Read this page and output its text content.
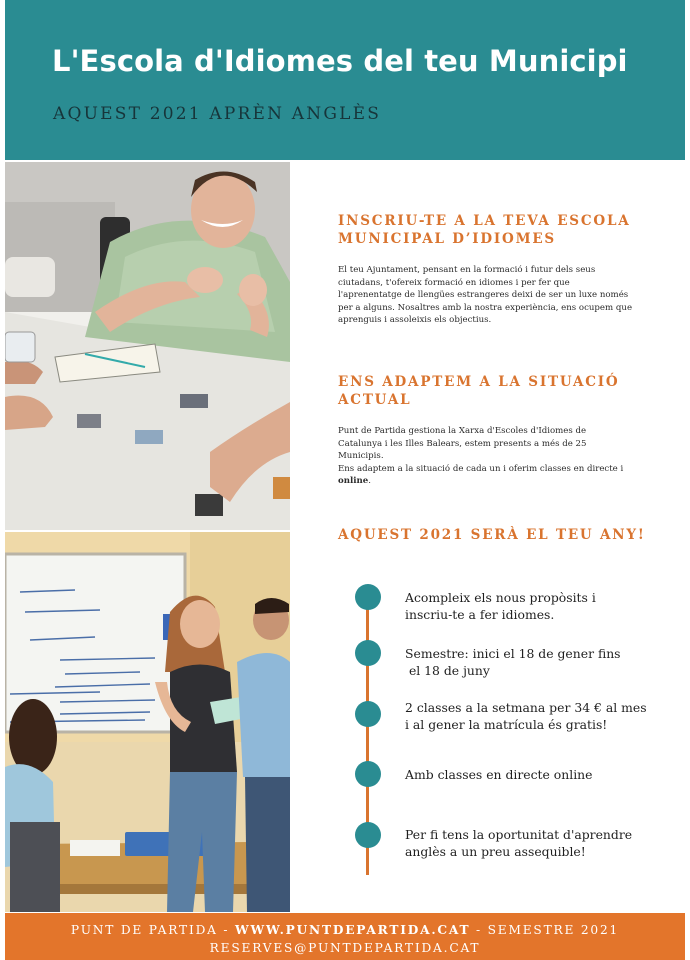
L'Escola d'Idiomes del teu Municipi
AQUEST 2021 APRÈN ANGLÈS
INSCRIU-TE A LA TEVA ESCOLA
MUNICIPAL D’IDIOMES

El teu Ajuntament, pensant en la formació i futur dels seus

ciutadans, t'ofereix formació en idiomes i per fer que

l'aprenentatge de llengües estrangeres deixi de ser un luxe només

per a alguns. Nosaltres amb la nostra experiència, ens ocupem que

aprenguis i assoleixis els objectius.

ENS ADAPTEM A LA SITUACIÓ
ACTUAL

Punt de Partida gestiona la Xarxa d'Escoles d'Idiomes de

Catalunya i les Illes Balears, estem presents a més de 25

Municipis.

Ens adaptem a la situació de cada un i oferim classes en directe i

online.

AQUEST 2021 SERÀ EL TEU ANY!
Acompleix els nous propòsits i
inscriu-te a fer idiomes.
Semestre: inici el 18 de gener fins
el 18 de juny
2 classes a la setmana per 34 € al mes
i al gener la matrícula és gratis!
Amb classes en directe online
Per fi tens la oportunitat d'aprendre
anglès a un preu assequible!
PUNT DE PARTIDA - WWW.PUNTDEPARTIDA.CAT - SEMESTRE 2021
RESERVES@PUNTDEPARTIDA.CAT
